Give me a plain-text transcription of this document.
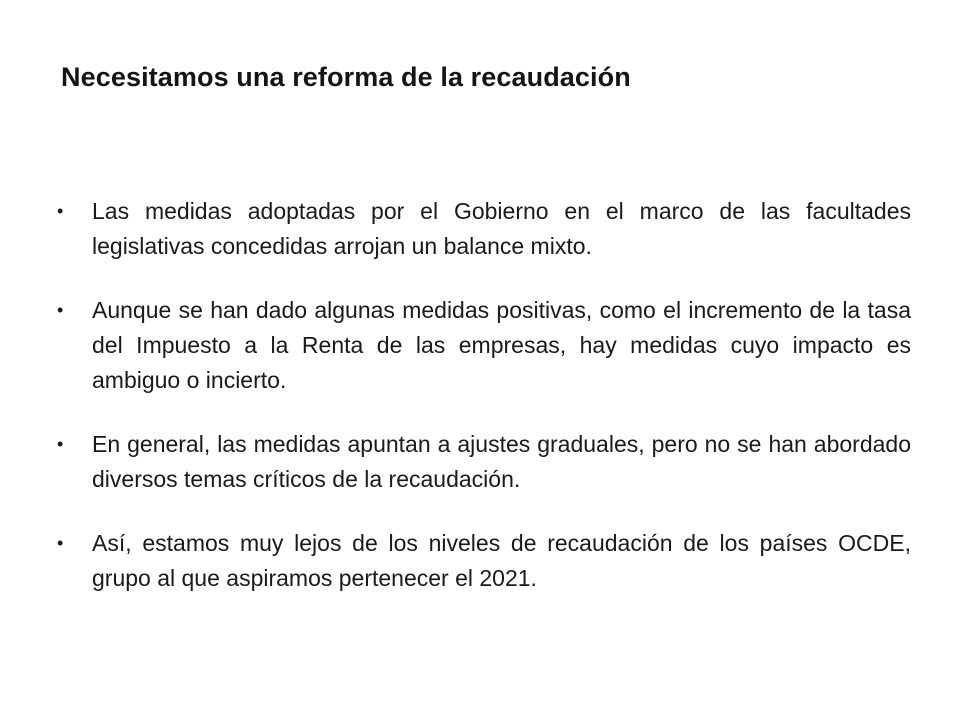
Necesitamos una reforma de la recaudación
• Las medidas adoptadas por el Gobierno en el marco de las facultades legislativas concedidas arrojan un balance mixto.
• Aunque se han dado algunas medidas positivas, como el incremento de la tasa del Impuesto a la Renta de las empresas, hay medidas cuyo impacto es ambiguo o incierto.
• En general, las medidas apuntan a ajustes graduales, pero no se han abordado diversos temas críticos de la recaudación.
• Así, estamos muy lejos de los niveles de recaudación de los países OCDE, grupo al que aspiramos pertenecer el 2021.
